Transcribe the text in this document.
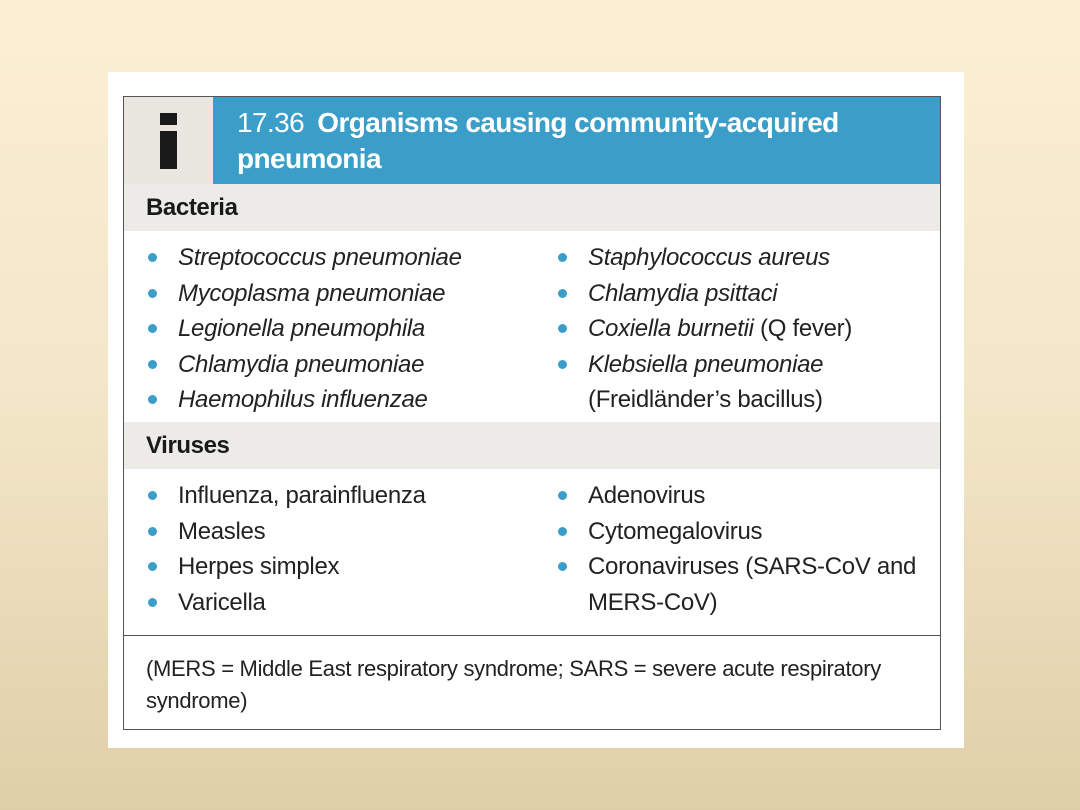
17.36 Organisms causing community-acquired pneumonia
Bacteria
Streptococcus pneumoniae
Mycoplasma pneumoniae
Legionella pneumophila
Chlamydia pneumoniae
Haemophilus influenzae
Staphylococcus aureus
Chlamydia psittaci
Coxiella burnetii (Q fever)
Klebsiella pneumoniae
(Freidländer’s bacillus)
Viruses
Influenza, parainfluenza
Measles
Herpes simplex
Varicella
Adenovirus
Cytomegalovirus
Coronaviruses (SARS-CoV and MERS-CoV)
(MERS = Middle East respiratory syndrome; SARS = severe acute respiratory syndrome)
